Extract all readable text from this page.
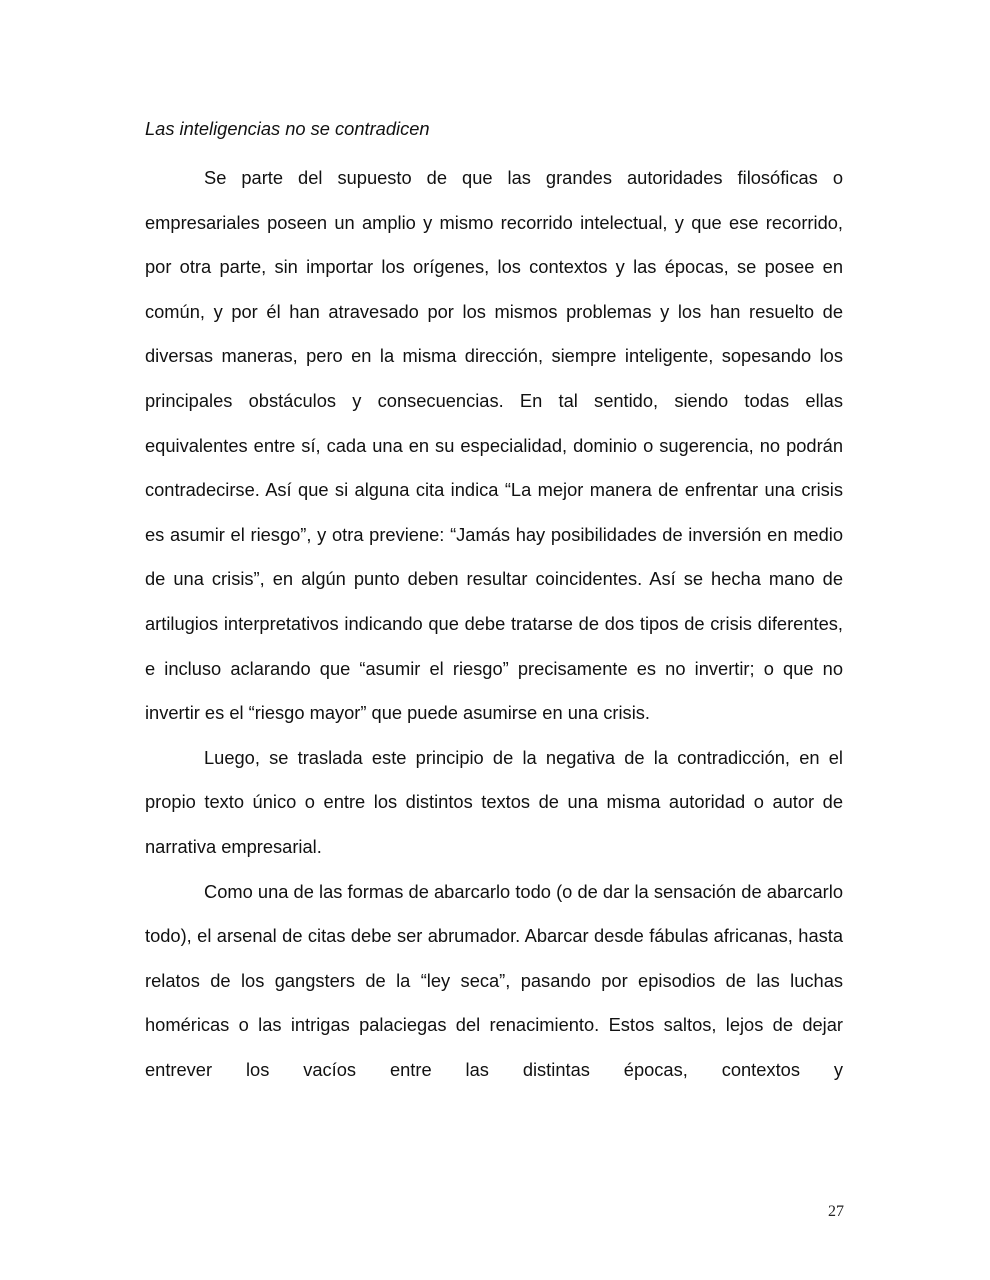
Las inteligencias no se contradicen

Se parte del supuesto de que las grandes autoridades filosóficas o empresariales poseen un amplio y mismo recorrido intelectual, y que ese recorrido, por otra parte, sin importar los orígenes, los contextos y las épocas, se posee en común, y por él han atravesado por los mismos problemas y los han resuelto de diversas maneras, pero en la misma dirección, siempre inteligente, sopesando los principales obstáculos y consecuencias. En tal sentido, siendo todas ellas equivalentes entre sí, cada una en su especialidad, dominio o sugerencia, no podrán contradecirse. Así que si alguna cita indica “La mejor manera de enfrentar una crisis es asumir el riesgo”, y otra previene: “Jamás hay posibilidades de inversión en medio de una crisis”, en algún punto deben resultar coincidentes. Así se hecha mano de artilugios interpretativos indicando que debe tratarse de dos tipos de crisis diferentes, e incluso aclarando que “asumir el riesgo” precisamente es no invertir; o que no invertir es el “riesgo mayor” que puede asumirse en una crisis.

Luego, se traslada este principio de la negativa de la contradicción, en el propio texto único o entre los distintos textos de una misma autoridad o autor de narrativa empresarial.

Como una de las formas de abarcarlo todo (o de dar la sensación de abarcarlo todo), el arsenal de citas debe ser abrumador. Abarcar desde fábulas africanas, hasta relatos de los gangsters de la “ley seca”, pasando por episodios de las luchas homéricas o las intrigas palaciegas del renacimiento. Estos saltos, lejos de dejar entrever los vacíos entre las distintas épocas, contextos y

27
